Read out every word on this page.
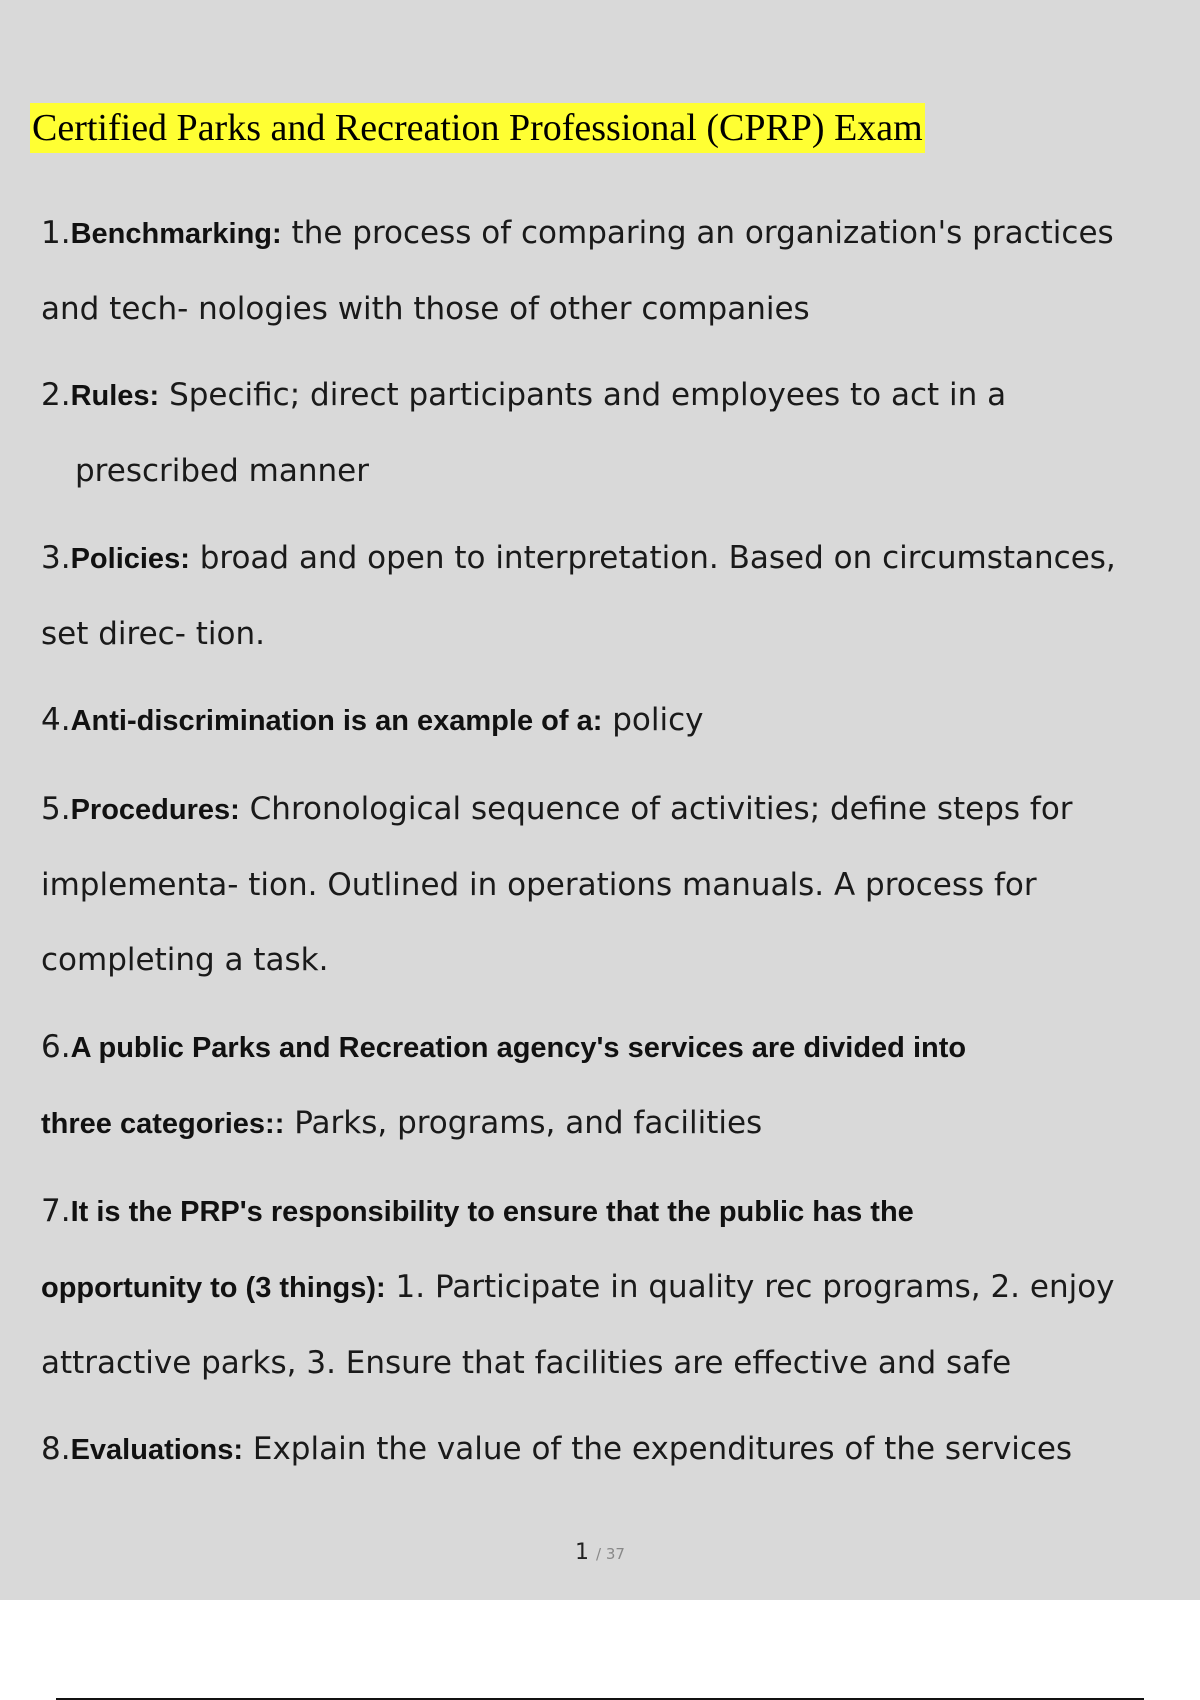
Certified Parks and Recreation Professional (CPRP) Exam

1.Benchmarking: the process of comparing an organization's practices
and tech- nologies with those of other companies

2.Rules: Specific; direct participants and employees to act in a
prescribed manner

3.Policies: broad and open to interpretation. Based on circumstances,
set direc- tion.

4.Anti-discrimination is an example of a: policy

5.Procedures: Chronological sequence of activities; define steps for
implementa- tion. Outlined in operations manuals. A process for
completing a task.

6.A public Parks and Recreation agency's services are divided into
three categories:: Parks, programs, and facilities

7.It is the PRP's responsibility to ensure that the public has the
opportunity to (3 things): 1. Participate in quality rec programs, 2. enjoy
attractive parks, 3. Ensure that facilities are effective and safe

8.Evaluations: Explain the value of the expenditures of the services

1 / 37
